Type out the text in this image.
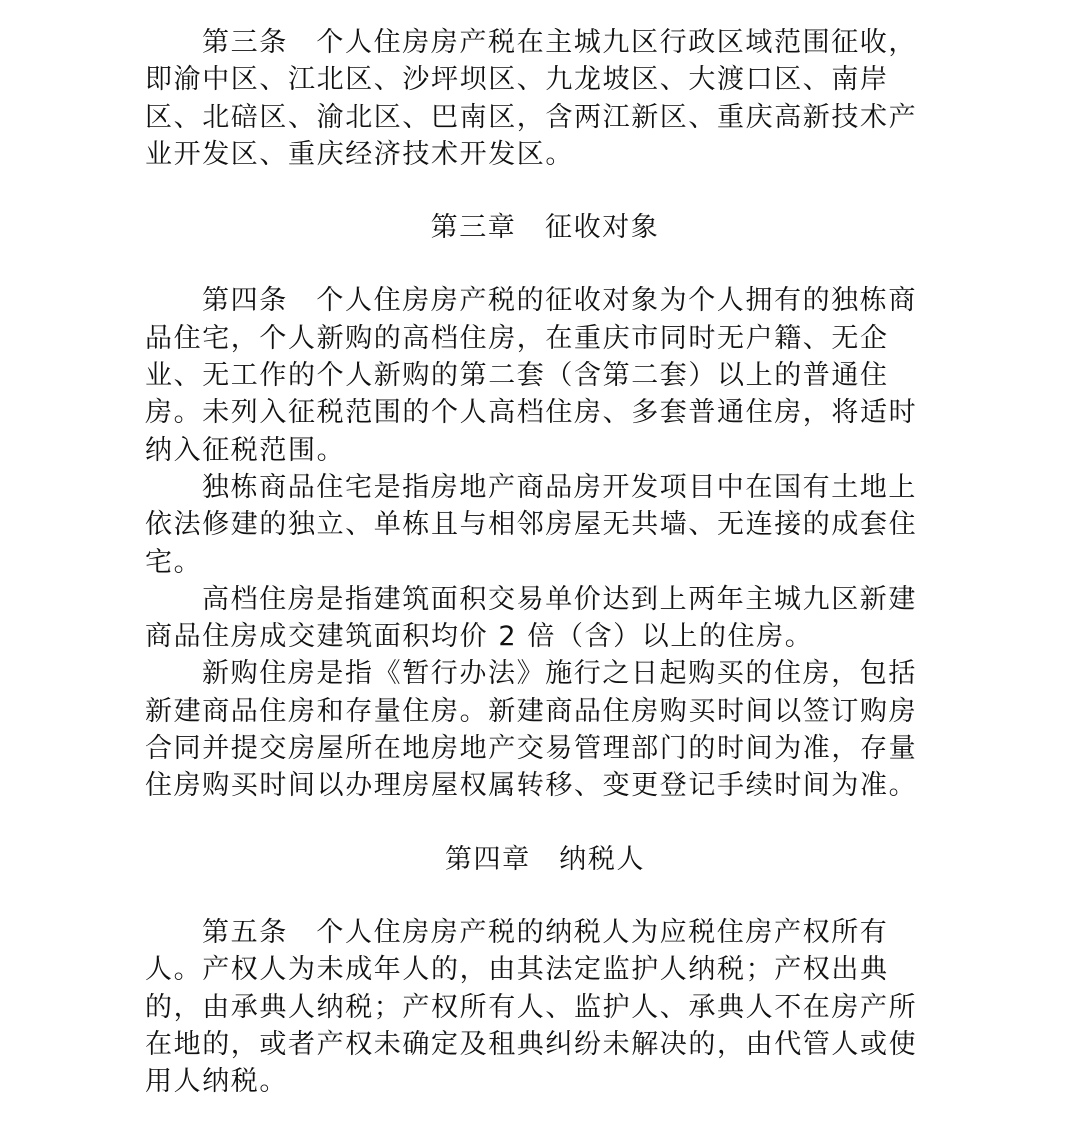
第三条　个人住房房产税在主城九区行政区域范围征收，即渝中区、江北区、沙坪坝区、九龙坡区、大渡口区、南岸区、北碚区、渝北区、巴南区，含两江新区、重庆高新技术产业开发区、重庆经济技术开发区。

第三章　征收对象

第四条　个人住房房产税的征收对象为个人拥有的独栋商品住宅，个人新购的高档住房，在重庆市同时无户籍、无企业、无工作的个人新购的第二套（含第二套）以上的普通住房。未列入征税范围的个人高档住房、多套普通住房，将适时纳入征税范围。

独栋商品住宅是指房地产商品房开发项目中在国有土地上依法修建的独立、单栋且与相邻房屋无共墙、无连接的成套住宅。

高档住房是指建筑面积交易单价达到上两年主城九区新建商品住房成交建筑面积均价 2 倍（含）以上的住房。

新购住房是指《暂行办法》施行之日起购买的住房，包括新建商品住房和存量住房。新建商品住房购买时间以签订购房合同并提交房屋所在地房地产交易管理部门的时间为准，存量住房购买时间以办理房屋权属转移、变更登记手续时间为准。

第四章　纳税人

第五条　个人住房房产税的纳税人为应税住房产权所有人。产权人为未成年人的，由其法定监护人纳税；产权出典的，由承典人纳税；产权所有人、监护人、承典人不在房产所在地的，或者产权未确定及租典纠纷未解决的，由代管人或使用人纳税。
